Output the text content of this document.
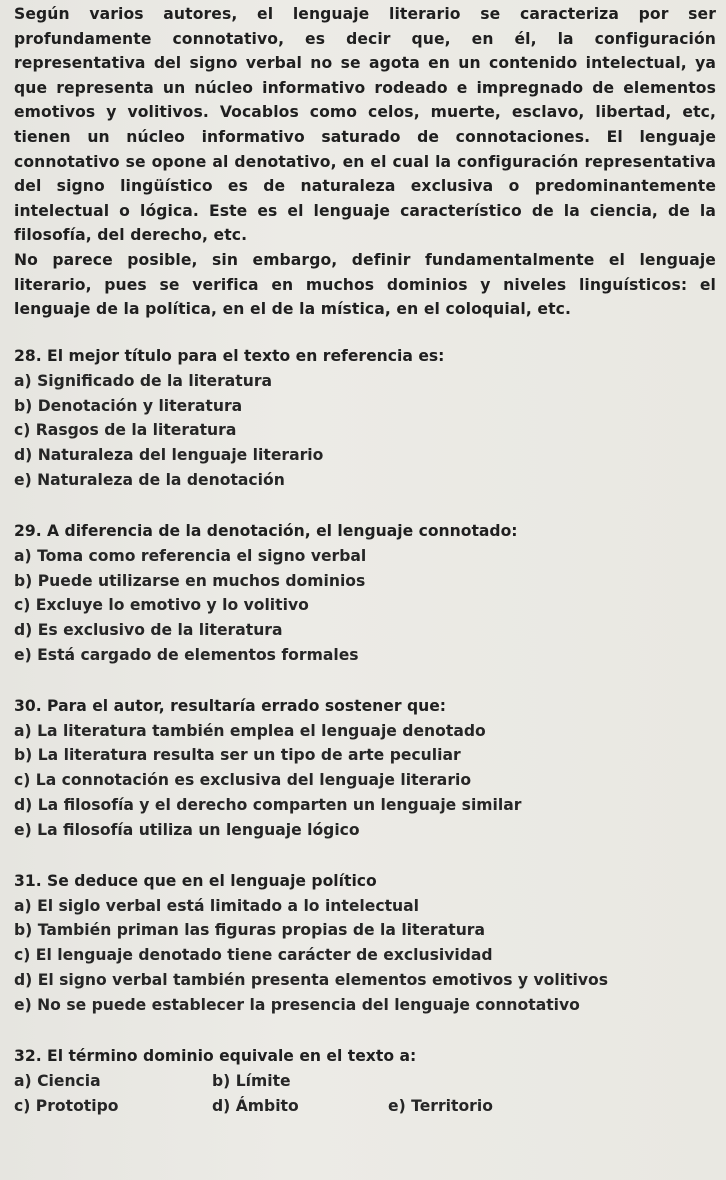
Según varios autores, el lenguaje literario se caracteriza por ser profundamente connotativo, es decir que, en él, la configuración representativa del signo verbal no se agota en un contenido intelectual, ya que representa un núcleo informativo rodeado e impregnado de elementos emotivos y volitivos. Vocablos como celos, muerte, esclavo, libertad, etc, tienen un núcleo informativo saturado de connotaciones. El lenguaje connotativo se opone al denotativo, en el cual la configuración representativa del signo lingüístico es de naturaleza exclusiva o predominantemente intelectual o lógica. Este es el lenguaje característico de la ciencia, de la filosofía, del derecho, etc.

No parece posible, sin embargo, definir fundamentalmente el lenguaje literario, pues se verifica en muchos dominios y niveles linguísticos: el lenguaje de la política, en el de la mística, en el coloquial, etc.

28. El mejor título para el texto en referencia es:

a) Significado de la literatura

b) Denotación y literatura

c) Rasgos de la literatura

d) Naturaleza del lenguaje literario

e) Naturaleza de la denotación

29. A diferencia de la denotación, el lenguaje connotado:

a) Toma como referencia el signo verbal

b) Puede utilizarse en muchos dominios

c) Excluye lo emotivo y lo volitivo

d) Es exclusivo de la literatura

e) Está cargado de elementos formales

30. Para el autor, resultaría errado sostener que:

a) La literatura también emplea el lenguaje denotado

b) La literatura resulta ser un tipo de arte peculiar

c) La connotación es exclusiva del lenguaje literario

d) La filosofía y el derecho comparten un lenguaje similar

e) La filosofía utiliza un lenguaje lógico

31. Se deduce que en el lenguaje político

a) El siglo verbal está limitado a lo intelectual

b) También priman las figuras propias de la literatura

c) El lenguaje denotado tiene carácter de exclusividad

d) El signo verbal también presenta elementos emotivos y volitivos

e) No se puede establecer la presencia del lenguaje connotativo

32. El término dominio equivale en el texto a:

a) Ciencia	b) Límite
c) Prototipo	d) Ámbito	e) Territorio
